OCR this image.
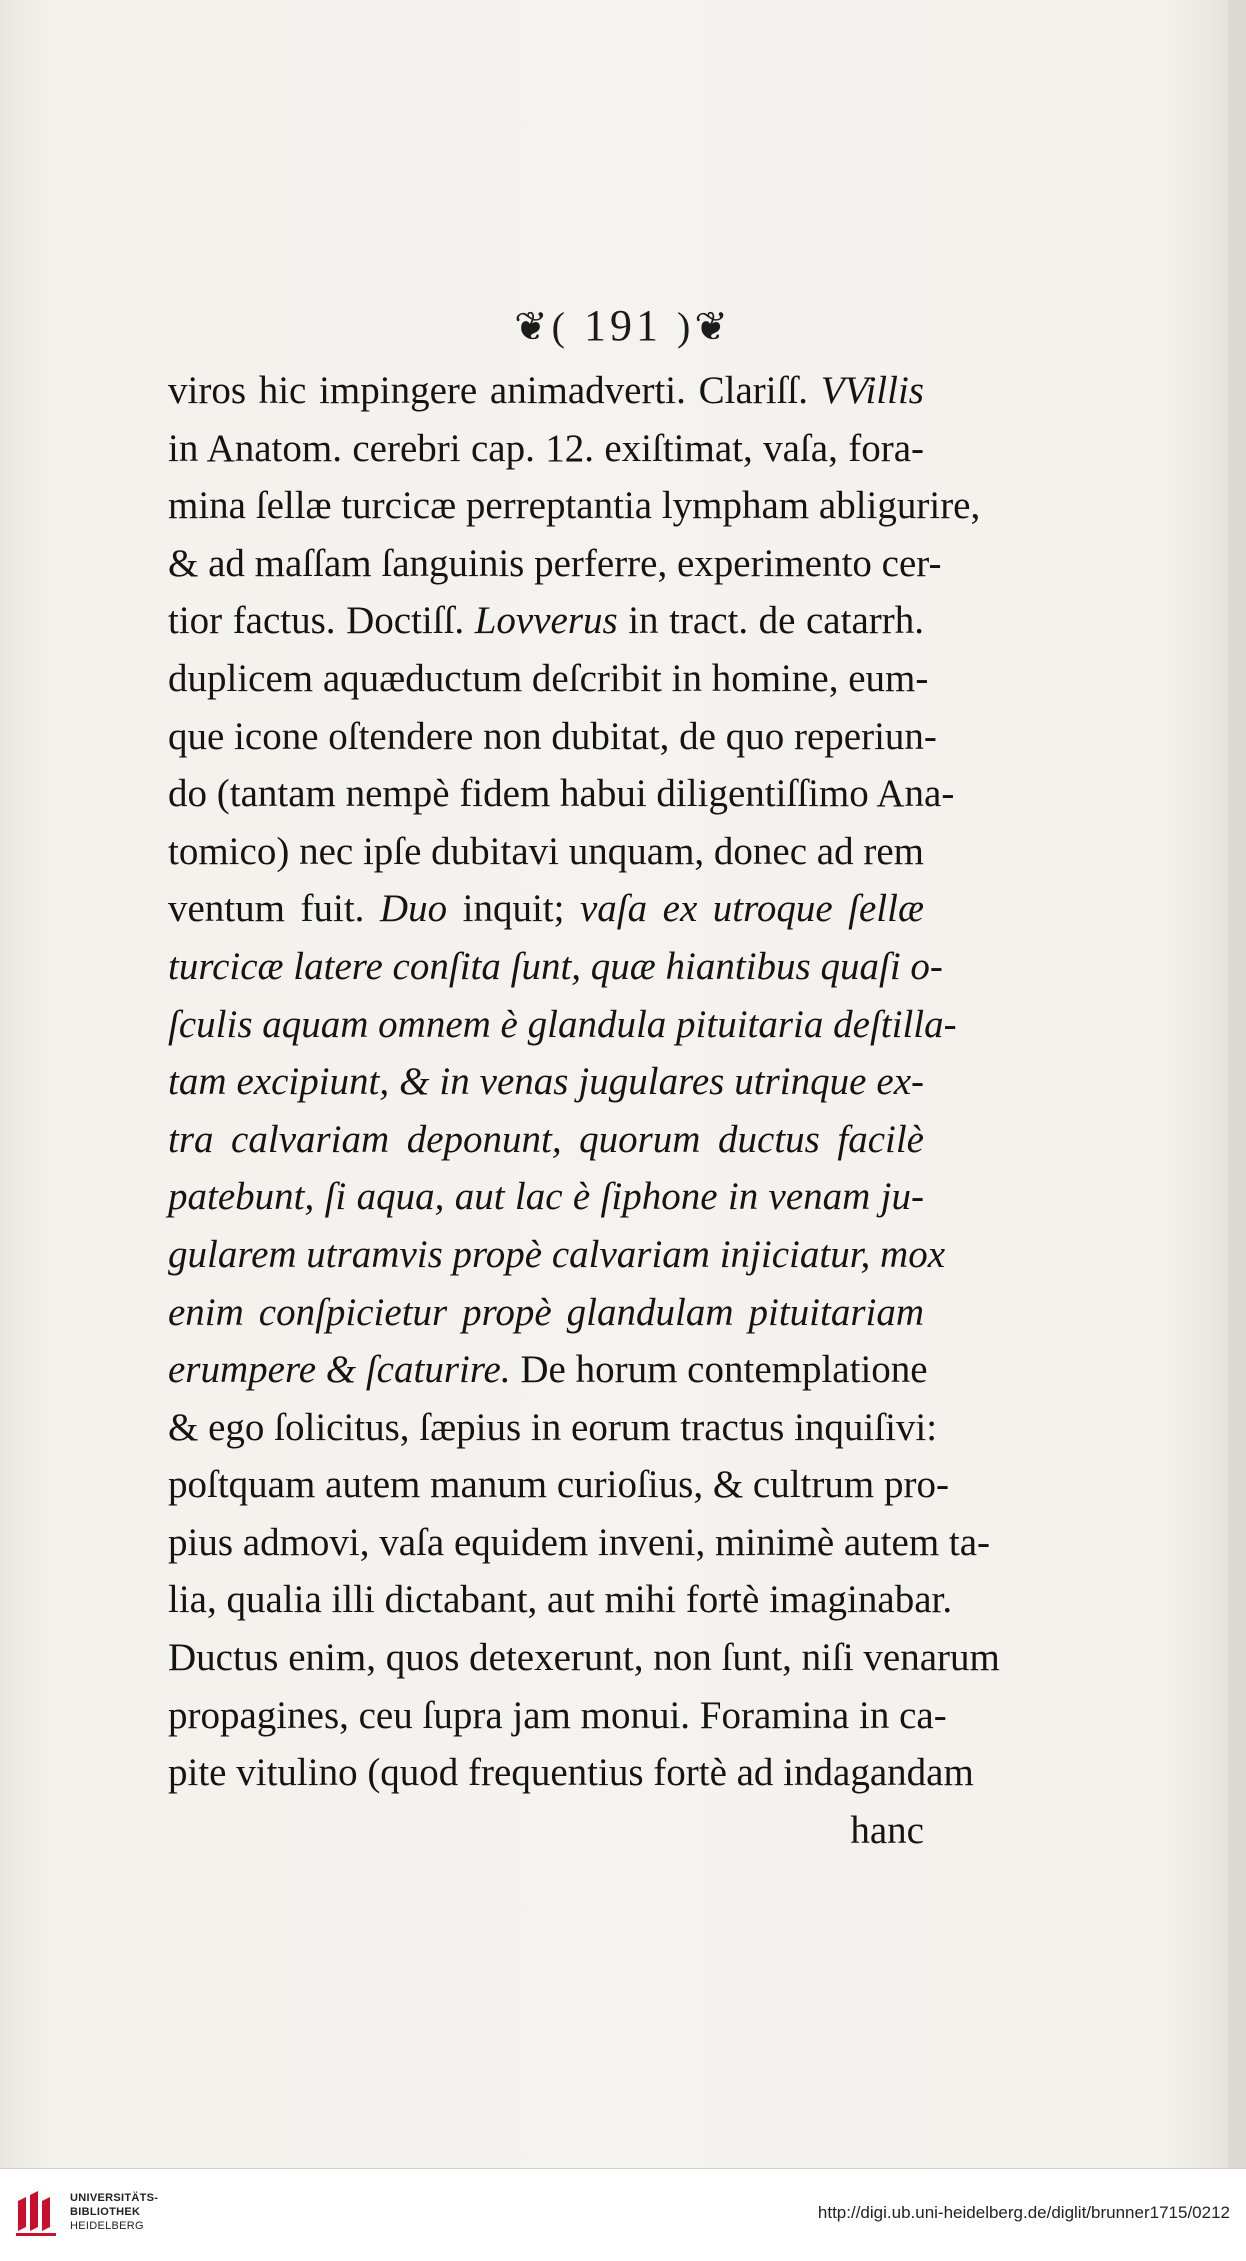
❦( 191 )❦
viros hic impingere animadverti. Clariſſ. VVillis
in Anatom. cerebri cap. 12. exiſtimat, vaſa, fora-
mina ſellæ turcicæ perreptantia lympham abligurire,
& ad maſſam ſanguinis perferre, experimento cer-
tior factus. Doctiſſ. Lovverus in tract. de catarrh.
duplicem aquæductum deſcribit in homine, eum-
que icone oſtendere non dubitat, de quo reperiun-
do (tantam nempè fidem habui diligentiſſimo Ana-
tomico) nec ipſe dubitavi unquam, donec ad rem
ventum fuit. Duo inquit; vaſa ex utroque ſellæ
turcicæ latere conſita ſunt, quæ hiantibus quaſi o-
ſculis aquam omnem è glandula pituitaria deſtilla-
tam excipiunt, & in venas jugulares utrinque ex-
tra calvariam deponunt, quorum ductus facilè
patebunt, ſi aqua, aut lac è ſiphone in venam ju-
gularem utramvis propè calvariam injiciatur, mox
enim conſpicietur propè glandulam pituitariam
erumpere & ſcaturire. De horum contemplatione
& ego ſolicitus, ſæpius in eorum tractus inquiſivi:
poſtquam autem manum curioſius, & cultrum pro-
pius admovi, vaſa equidem inveni, minimè autem ta-
lia, qualia illi dictabant, aut mihi fortè imaginabar.
Ductus enim, quos detexerunt, non ſunt, niſi venarum
propagines, ceu ſupra jam monui. Foramina in ca-
pite vitulino (quod frequentius fortè ad indagandam
hanc
UNIVERSITÄTS-
BIBLIOTHEK
HEIDELBERG
http://digi.ub.uni-heidelberg.de/diglit/brunner1715/0212
